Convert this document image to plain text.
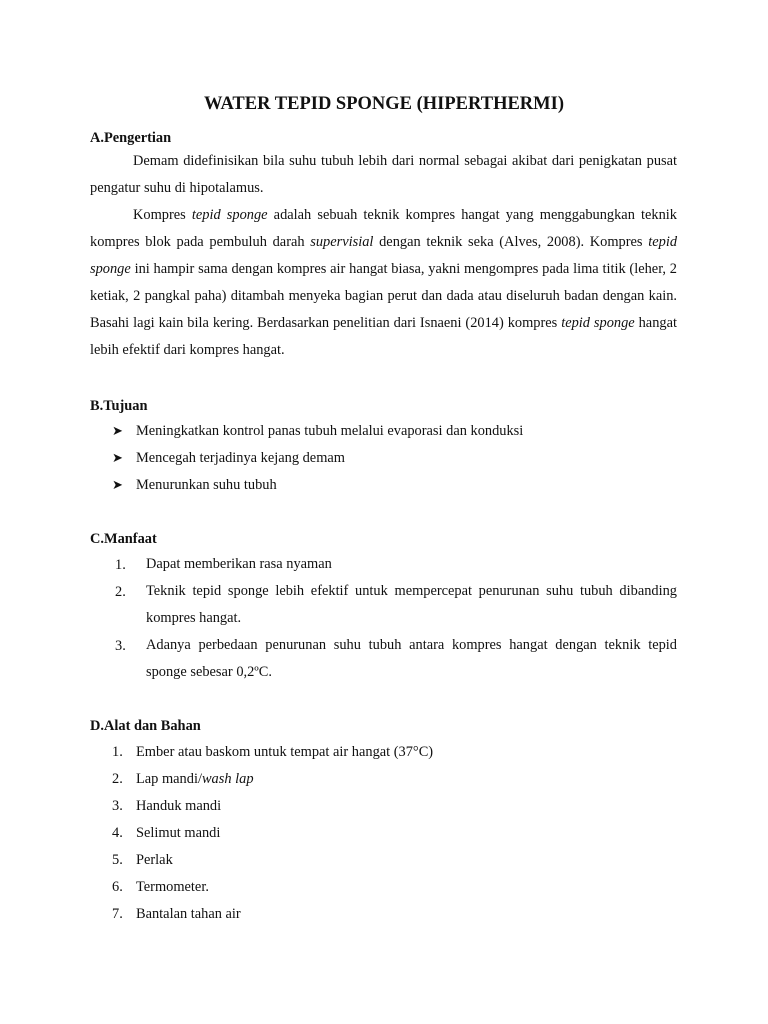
WATER TEPID SPONGE (HIPERTHERMI)
A.Pengertian

Demam didefinisikan bila suhu tubuh lebih dari normal sebagai akibat dari penigkatan pusat pengatur suhu di hipotalamus.

Kompres tepid sponge adalah sebuah teknik kompres hangat yang menggabungkan teknik kompres blok pada pembuluh darah supervisial dengan teknik seka (Alves, 2008). Kompres tepid sponge ini hampir sama dengan kompres air hangat biasa, yakni mengompres pada lima titik (leher, 2 ketiak, 2 pangkal paha) ditambah menyeka bagian perut dan dada atau diseluruh badan dengan kain. Basahi lagi kain bila kering. Berdasarkan penelitian dari Isnaeni (2014) kompres tepid sponge hangat lebih efektif dari kompres hangat.

B.Tujuan
➤ Meningkatkan kontrol panas tubuh melalui evaporasi dan konduksi
➤ Mencegah terjadinya kejang demam
➤ Menurunkan suhu tubuh
C.Manfaat
1. Dapat memberikan rasa nyaman

2. Teknik tepid sponge lebih efektif untuk mempercepat penurunan suhu tubuh dibanding kompres hangat.

3. Adanya perbedaan penurunan suhu tubuh antara kompres hangat dengan teknik tepid sponge sebesar 0,2ºC.

D.Alat dan Bahan
1. Ember atau baskom untuk tempat air hangat (37°C)
2. Lap mandi/wash lap
3. Handuk mandi
4. Selimut mandi
5. Perlak
6. Termometer.
7. Bantalan tahan air
